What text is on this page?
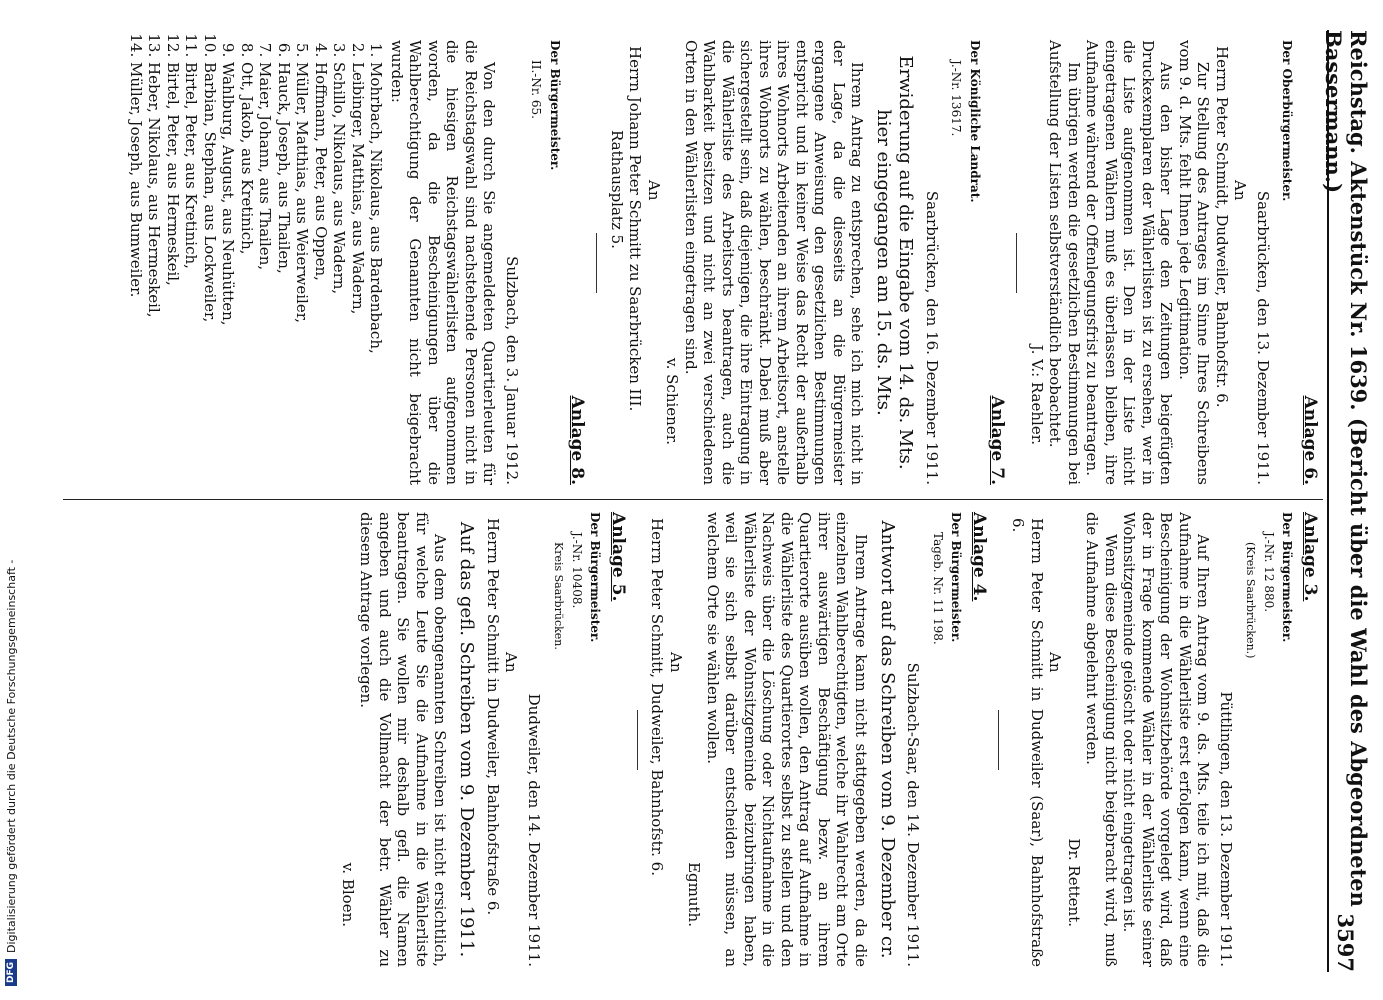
Reichstag. Aktenstück Nr. 1639. (Bericht über die Wahl des Abgeordneten Bassermann.)
3597
Anlage 6.
Der Oberbürgermeister.
Saarbrücken, den 13. Dezember 1911.
An
Herrn Peter Schmidt, Dudweiler, Bahnhofstr. 6.

Zur Stellung des Antrages im Sinne Ihres Schreibens vom 9. d. Mts. fehlt Ihnen jede Legitimation.

Aus den bisher Lage den Zeitungen beigefügten Druckexemplaren der Wählerlisten ist zu ersehen, wer in die Liste aufgenommen ist. Den in der Liste nicht eingetragenen Wählern muß es überlassen bleiben, ihre Aufnahme während der Offenlegungsfrist zu beantragen.

Im übrigen werden die gesetzlichen Bestimmungen bei Aufstellung der Listen selbstverständlich beobachtet.

J. V.: Raehler.
Anlage 7.
Der Königliche Landrat.
J.-Nr. 13617.
Saarbrücken, den 16. Dezember 1911.
Erwiderung auf die Eingabe vom 14. ds. Mts. hier eingegangen am 15. ds. Mts.

Ihrem Antrag zu entsprechen, sehe ich mich nicht in der Lage, da die diesseits an die Bürgermeister ergangene Anweisung den gesetzlichen Bestimmungen entspricht und in keiner Weise das Recht der außerhalb ihres Wohnorts Arbeitenden an ihrem Arbeitsort, anstelle ihres Wohnorts zu wählen, beschränkt. Dabei muß aber sichergestellt sein, daß diejenigen, die ihre Eintragung in die Wählerliste des Arbeitsorts beantragen, auch die Wahlbarkeit besitzen und nicht an zwei verschiedenen Orten in den Wählerlisten eingetragen sind.

v. Schiener.
An
Herrn Johann Peter Schmitt zu Saarbrücken III.
Rathausplatz 5.
Anlage 8.
Der Bürgermeister.
II.-Nr. 65.
Sulzbach, den 3. Januar 1912.

Von den durch Sie angemeldeten Quartierleuten für die Reichstagswahl sind nachstehende Personen nicht in die hiesigen Reichstagswählerlisten aufgenommen worden, da die Bescheinigungen über die Wahlberechtigung der Genannten nicht beigebracht wurden:

1. Mohrbach, Nikolaus, aus Bardenbach,
2. Leibinger, Matthias, aus Wadern,
3. Schillo, Nikolaus, aus Wadern,
4. Hoffmann, Peter, aus Oppen,
5. Müller, Matthias, aus Weierweiler,
6. Hauck, Joseph, aus Thailen,
7. Maier, Johann, aus Thailen,
8. Ott, Jakob, aus Kretinich,
9. Wahlburg, August, aus Neuhütten,
10. Barbian, Stephan, aus Lockweiler,
11. Birtel, Peter, aus Kretinich,
12. Birtel, Peter, aus Hermeskeil,
13. Heber, Nikolaus, aus Hermeskeil,
14. Müller, Joseph, aus Bumweiler.
Anlage 3.
Der Bürgermeister.
J.-Nr. 12 880.
(Kreis Saarbrücken.)
Püttlingen, den 13. Dezember 1911.

Auf Ihren Antrag vom 9. ds. Mts. teile ich mit, daß die Aufnahme in die Wählerliste erst erfolgen kann, wenn eine Bescheinigung der Wohnsitzbehörde vorgelegt wird, daß der in Frage kommende Wähler in der Wählerliste seiner Wohnsitzgemeinde gelöscht oder nicht eingetragen ist.

Wenn diese Bescheinigung nicht beigebracht wird, muß die Aufnahme abgelehnt werden.

Dr. Rettent.
An
Herrn Peter Schmitt in Dudweiler (Saar), Bahnhofstraße 6.
Anlage 4.
Der Bürgermeister.
Tageb. Nr. 11 198.
Sulzbach-Saar, den 14. Dezember 1911.
Antwort auf das Schreiben vom 9. Dezember cr.

Ihrem Antrage kann nicht stattgegeben werden, da die einzelnen Wahlberechtigten, welche ihr Wahlrecht am Orte ihrer auswärtigen Beschäftigung bezw. an ihrem Quartierorte ausüben wollen, den Antrag auf Aufnahme in die Wählerliste des Quartierortes selbst zu stellen und den Nachweis über die Löschung oder Nichtaufnahme in die Wählerliste der Wohnsitzgemeinde beizubringen haben, weil sie sich selbst darüber entscheiden müssen, an welchem Orte sie wählen wollen.

Egmuth.
An
Herrn Peter Schmitt, Dudweiler, Bahnhofstr. 6.
Anlage 5.
Der Bürgermeister.
J.-Nr. 10408.
Kreis Saarbrücken.
Dudweiler, den 14. Dezember 1911.
An
Herrn Peter Schmitt in Dudweiler, Bahnhofstraße 6.
Auf das gefl. Schreiben vom 9. Dezember 1911.

Aus dem obengenannten Schreiben ist nicht ersichtlich, für welche Leute Sie die Aufnahme in die Wählerliste beantragen. Sie wollen mir deshalb gefl. die Namen angeben und auch die Vollmacht der betr. Wähler zu diesem Antrage vorlegen.

v. Bloen.
DFG
Digitalisierung gefördert durch die Deutsche Forschungsgemeinschaft -
